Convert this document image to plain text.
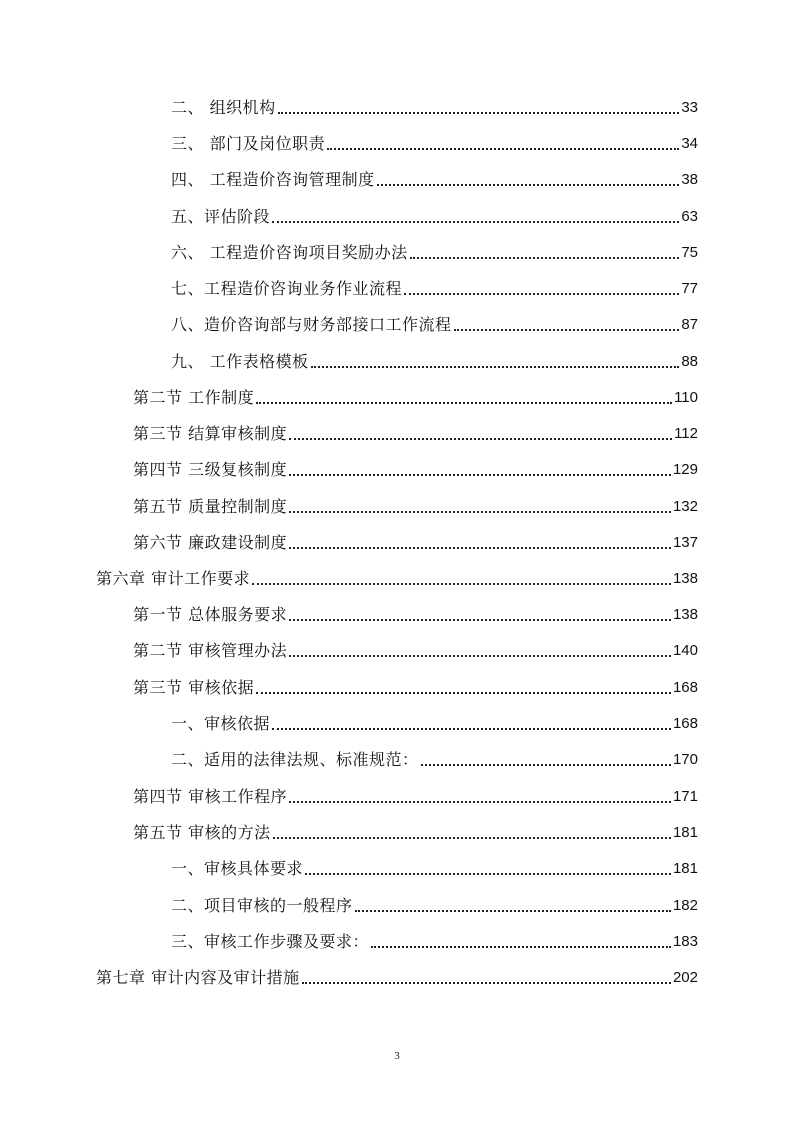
二、 组织机构	33
三、 部门及岗位职责	34
四、 工程造价咨询管理制度	38
五、评估阶段	63
六、 工程造价咨询项目奖励办法	75
七、工程造价咨询业务作业流程	77
八、造价咨询部与财务部接口工作流程	87
九、 工作表格模板	88
第二节 工作制度	110
第三节 结算审核制度	112
第四节 三级复核制度	129
第五节 质量控制制度	132
第六节 廉政建设制度	137
第六章 审计工作要求	138
第一节 总体服务要求	138
第二节 审核管理办法	140
第三节 审核依据	168
一、审核依据	168
二、适用的法律法规、标准规范：	170
第四节 审核工作程序	171
第五节 审核的方法	181
一、审核具体要求	181
二、项目审核的一般程序	182
三、审核工作步骤及要求：	183
第七章 审计内容及审计措施	202
3
